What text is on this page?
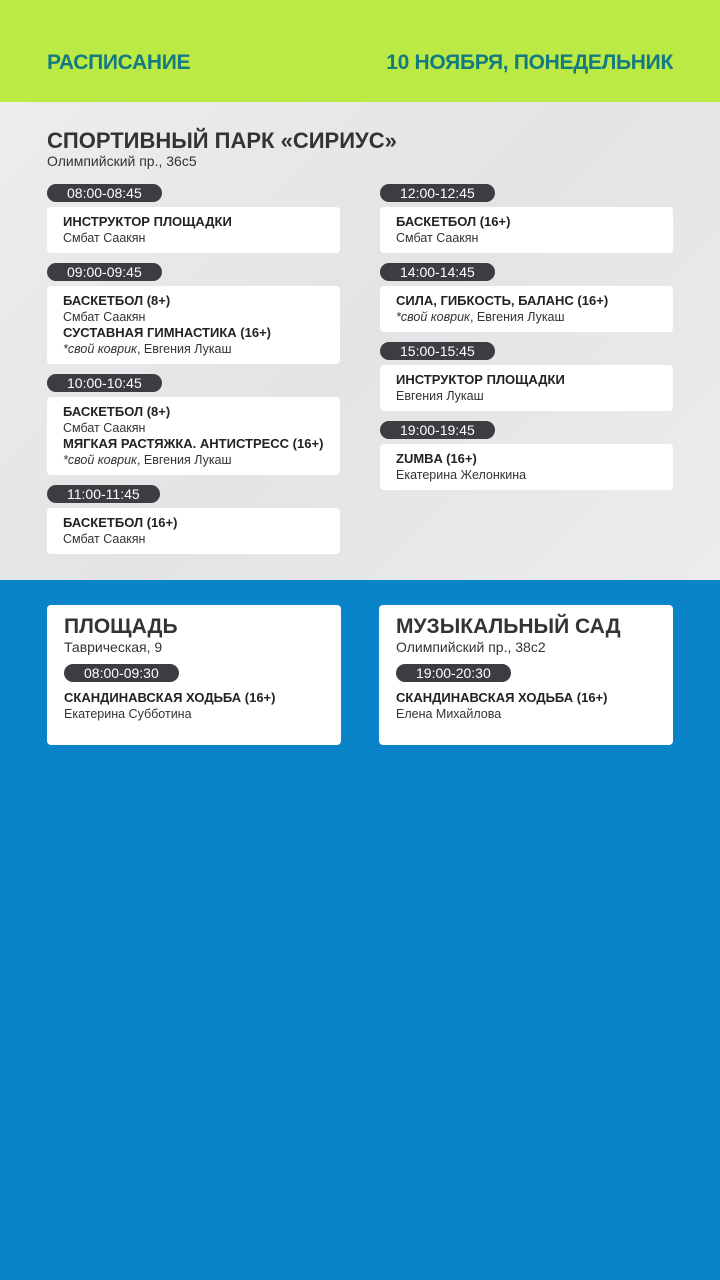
РАСПИСАНИЕ	10 НОЯБРЯ, ПОНЕДЕЛЬНИК
СПОРТИВНЫЙ ПАРК «СИРИУС»
Олимпийский пр., 36с5
08:00-08:45
ИНСТРУКТОР ПЛОЩАДКИ
Смбат Саакян
09:00-09:45
БАСКЕТБОЛ (8+)
Смбат Саакян
СУСТАВНАЯ ГИМНАСТИКА (16+)
*свой коврик, Евгения Лукаш
10:00-10:45
БАСКЕТБОЛ (8+)
Смбат Саакян
МЯГКАЯ РАСТЯЖКА. АНТИСТРЕСС (16+)
*свой коврик, Евгения Лукаш
11:00-11:45
БАСКЕТБОЛ (16+)
Смбат Саакян
12:00-12:45
БАСКЕТБОЛ (16+)
Смбат Саакян
14:00-14:45
СИЛА, ГИБКОСТЬ, БАЛАНС (16+)
*свой коврик, Евгения Лукаш
15:00-15:45
ИНСТРУКТОР ПЛОЩАДКИ
Евгения Лукаш
19:00-19:45
ZUMBA (16+)
Екатерина Желонкина
ПЛОЩАДЬ
Таврическая, 9
08:00-09:30
СКАНДИНАВСКАЯ ХОДЬБА (16+)
Екатерина Субботина
МУЗЫКАЛЬНЫЙ САД
Олимпийский пр., 38с2
19:00-20:30
СКАНДИНАВСКАЯ ХОДЬБА (16+)
Елена Михайлова
